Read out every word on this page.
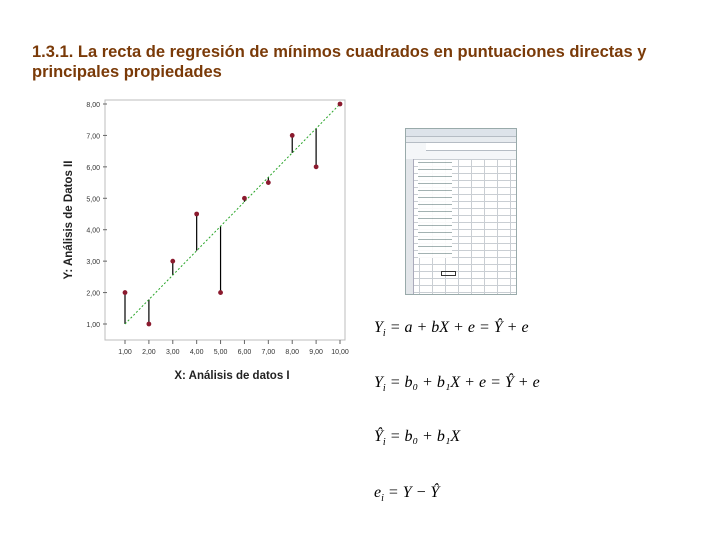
1.3.1. La recta de regresión de mínimos cuadrados en puntuaciones directas y principales propiedades
1,00 2,00 3,00 4,00 5,00 6,00 7,00 8,00 9,00 10,00
1,00
2,00
3,00
4,00
5,00
6,00
7,00
8,00
Y: Análisis de Datos II
X: Análisis de datos I
$Y_i = a$ + bX + e = Ŷ + e
$Y_i = b_0 + b_1X + e$ = Ŷ + e
$Ŷ_i = b_0 + b_1X$
$e_i = Y$ − Ŷ
